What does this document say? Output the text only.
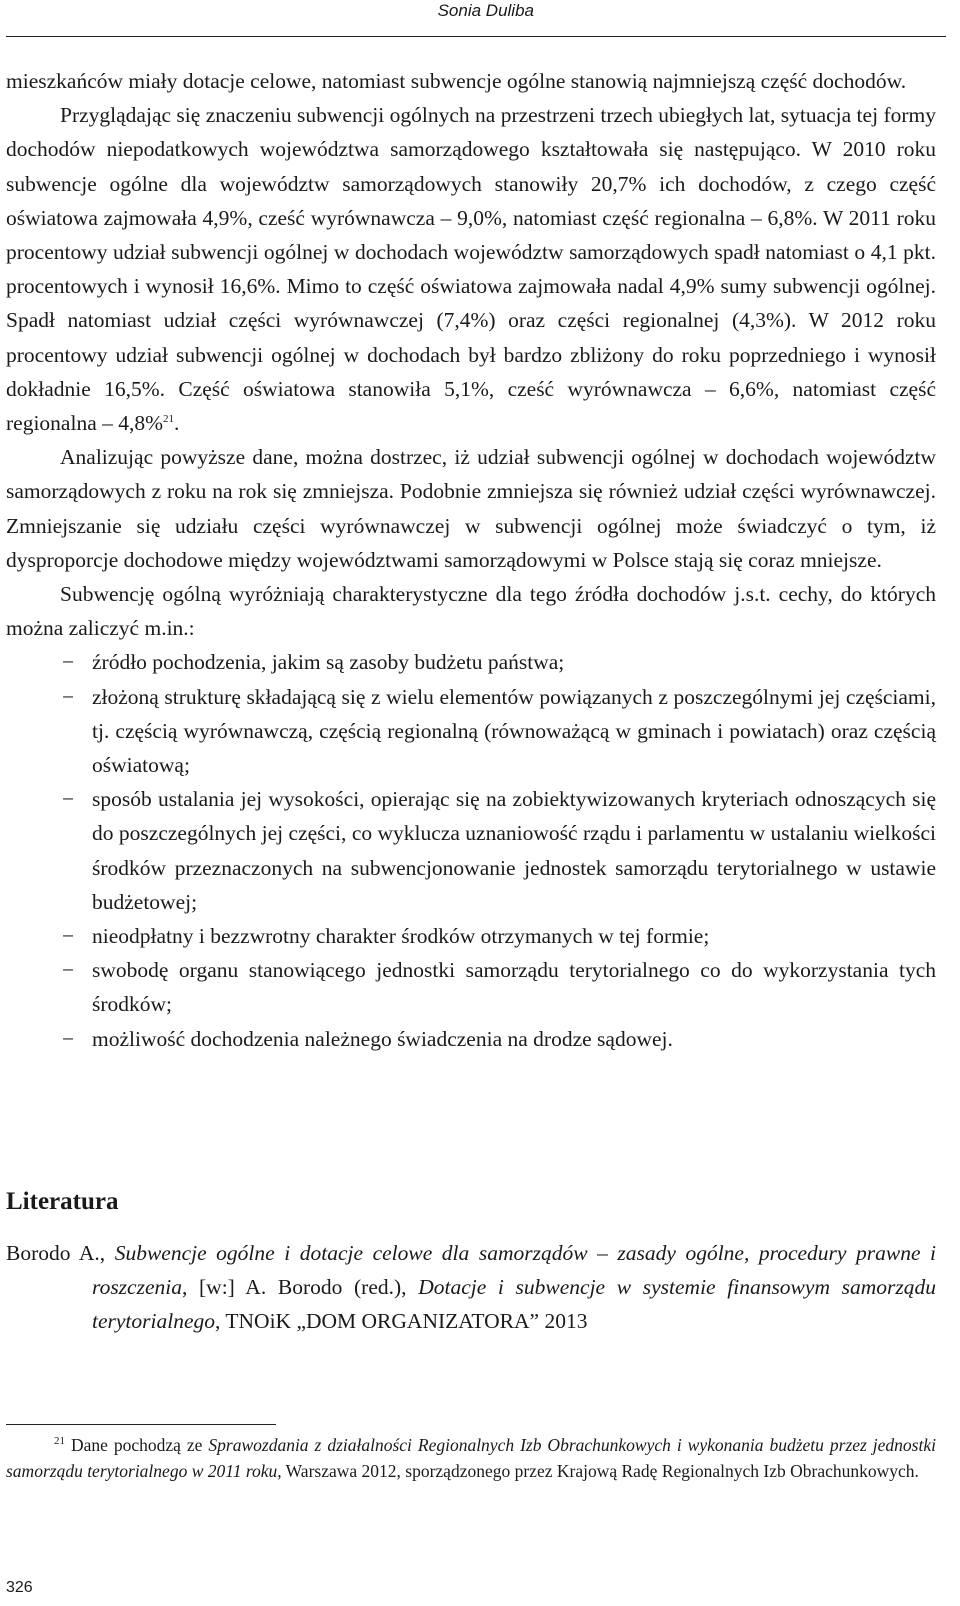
Sonia Duliba

mieszkańców miały dotacje celowe, natomiast subwencje ogólne stanowią najmniejszą część dochodów.

Przyglądając się znaczeniu subwencji ogólnych na przestrzeni trzech ubiegłych lat, sytuacja tej formy dochodów niepodatkowych województwa samorządowego kształtowała się następująco. W 2010 roku subwencje ogólne dla województw samorządowych stanowiły 20,7% ich dochodów, z czego część oświatowa zajmowała 4,9%, cześć wyrównawcza – 9,0%, natomiast część regionalna – 6,8%. W 2011 roku procentowy udział subwencji ogólnej w dochodach województw samorządowych spadł natomiast o 4,1 pkt. procentowych i wynosił 16,6%. Mimo to część oświatowa zajmowała nadal 4,9% sumy subwencji ogólnej. Spadł natomiast udział części wyrównawczej (7,4%) oraz części regionalnej (4,3%). W 2012 roku procentowy udział subwencji ogólnej w dochodach był bardzo zbliżony do roku poprzedniego i wynosił dokładnie 16,5%. Część oświatowa stanowiła 5,1%, cześć wyrównawcza – 6,6%, natomiast część regionalna – 4,8%$^{21}$.

Analizując powyższe dane, można dostrzec, iż udział subwencji ogólnej w dochodach województw samorządowych z roku na rok się zmniejsza. Podobnie zmniejsza się również udział części wyrównawczej. Zmniejszanie się udziału części wyrównawczej w subwencji ogólnej może świadczyć o tym, iż dysproporcje dochodowe między województwami samorządowymi w Polsce stają się coraz mniejsze.

Subwencję ogólną wyróżniają charakterystyczne dla tego źródła dochodów j.s.t. cechy, do których można zaliczyć m.in.:

− źródło pochodzenia, jakim są zasoby budżetu państwa;
− złożoną strukturę składającą się z wielu elementów powiązanych z poszczególnymi jej częściami, tj. częścią wyrównawczą, częścią regionalną (równoważącą w gminach i powiatach) oraz częścią oświatową;
− sposób ustalania jej wysokości, opierając się na zobiektywizowanych kryteriach odnoszących się do poszczególnych jej części, co wyklucza uznaniowość rządu i parlamentu w ustalaniu wielkości środków przeznaczonych na subwencjonowanie jednostek samorządu terytorialnego w ustawie budżetowej;
− nieodpłatny i bezzwrotny charakter środków otrzymanych w tej formie;
− swobodę organu stanowiącego jednostki samorządu terytorialnego co do wykorzystania tych środków;
− możliwość dochodzenia należnego świadczenia na drodze sądowej.
Literatura
Borodo A., Subwencje ogólne i dotacje celowe dla samorządów – zasady ogólne, procedury prawne i roszczenia, [w:] A. Borodo (red.), Dotacje i subwencje w systemie finansowym samorządu terytorialnego, TNOiK „DOM ORGANIZATORA” 2013
$^{21}$ Dane pochodzą ze Sprawozdania z działalności Regionalnych Izb Obrachunkowych i wykonania budżetu przez jednostki samorządu terytorialnego w 2011 roku, Warszawa 2012, sporządzonego przez Krajową Radę Regionalnych Izb Obrachunkowych.
326
